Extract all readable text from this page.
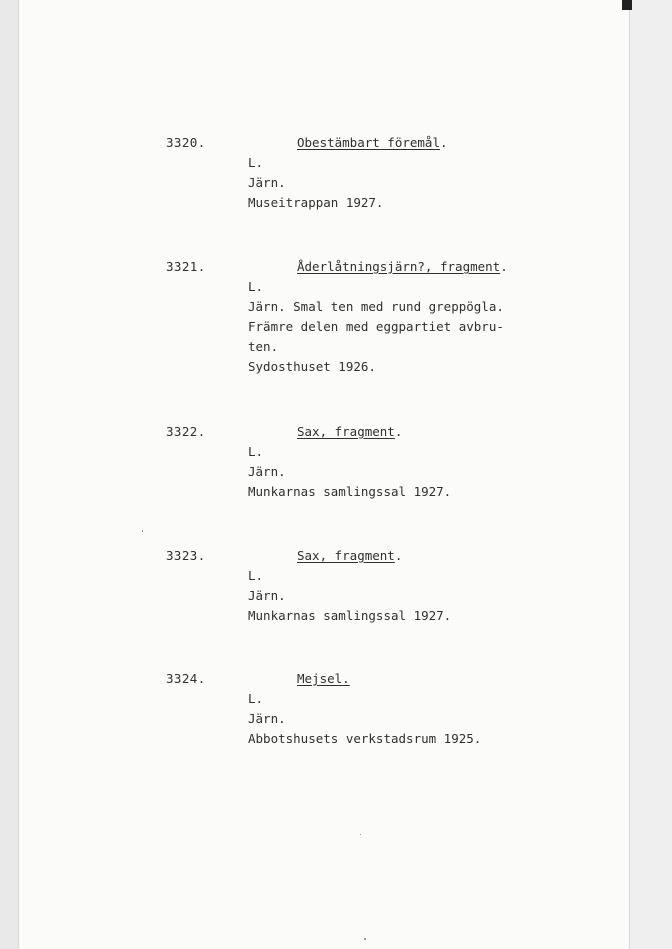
3320.	Obestämbart föremål.
L.
Järn.
Museitrappan 1927.
3321.	Åderlåtningsjärn?, fragment.
L.
Järn. Smal ten med rund greppögla.
Främre delen med eggpartiet avbru-
ten.
Sydosthuset 1926.
3322.	Sax, fragment.
L.
Järn.
Munkarnas samlingssal 1927.
3323.	Sax, fragment.
L.
Järn.
Munkarnas samlingssal 1927.
3324.	Mejsel.
L.
Järn.
Abbotshusets verkstadsrum 1925.
